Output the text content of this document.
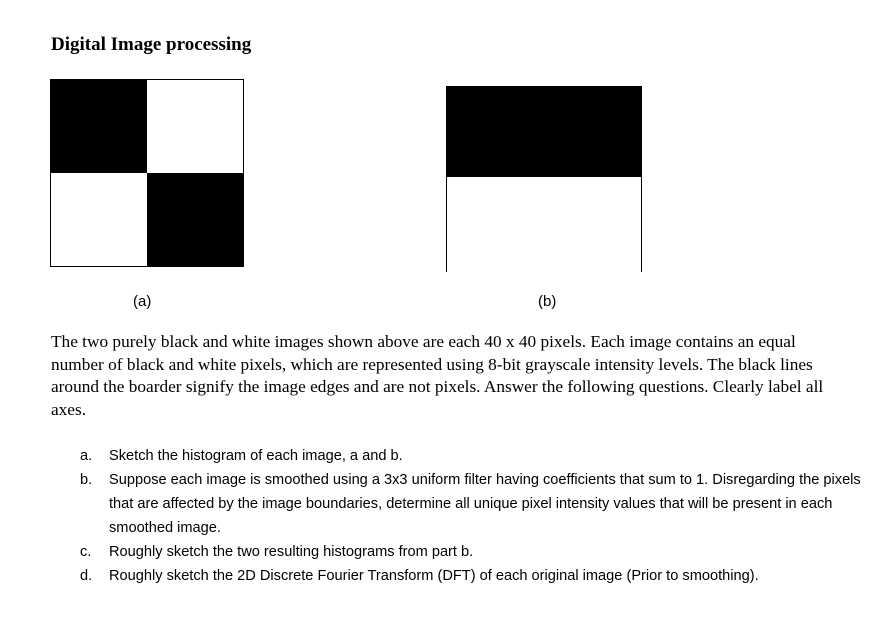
Digital Image processing
(a)	(b)
The two purely black and white images shown above are each 40 x 40 pixels. Each image contains an equal number of black and white pixels, which are represented using 8-bit grayscale intensity levels. The black lines around the boarder signify the image edges and are not pixels. Answer the following questions. Clearly label all axes.
a. Sketch the histogram of each image, a and b.
b. Suppose each image is smoothed using a 3x3 uniform filter having coefficients that sum to 1. Disregarding the pixels that are affected by the image boundaries, determine all unique pixel intensity values that will be present in each smoothed image.
c. Roughly sketch the two resulting histograms from part b.
d. Roughly sketch the 2D Discrete Fourier Transform (DFT) of each original image (Prior to smoothing).
